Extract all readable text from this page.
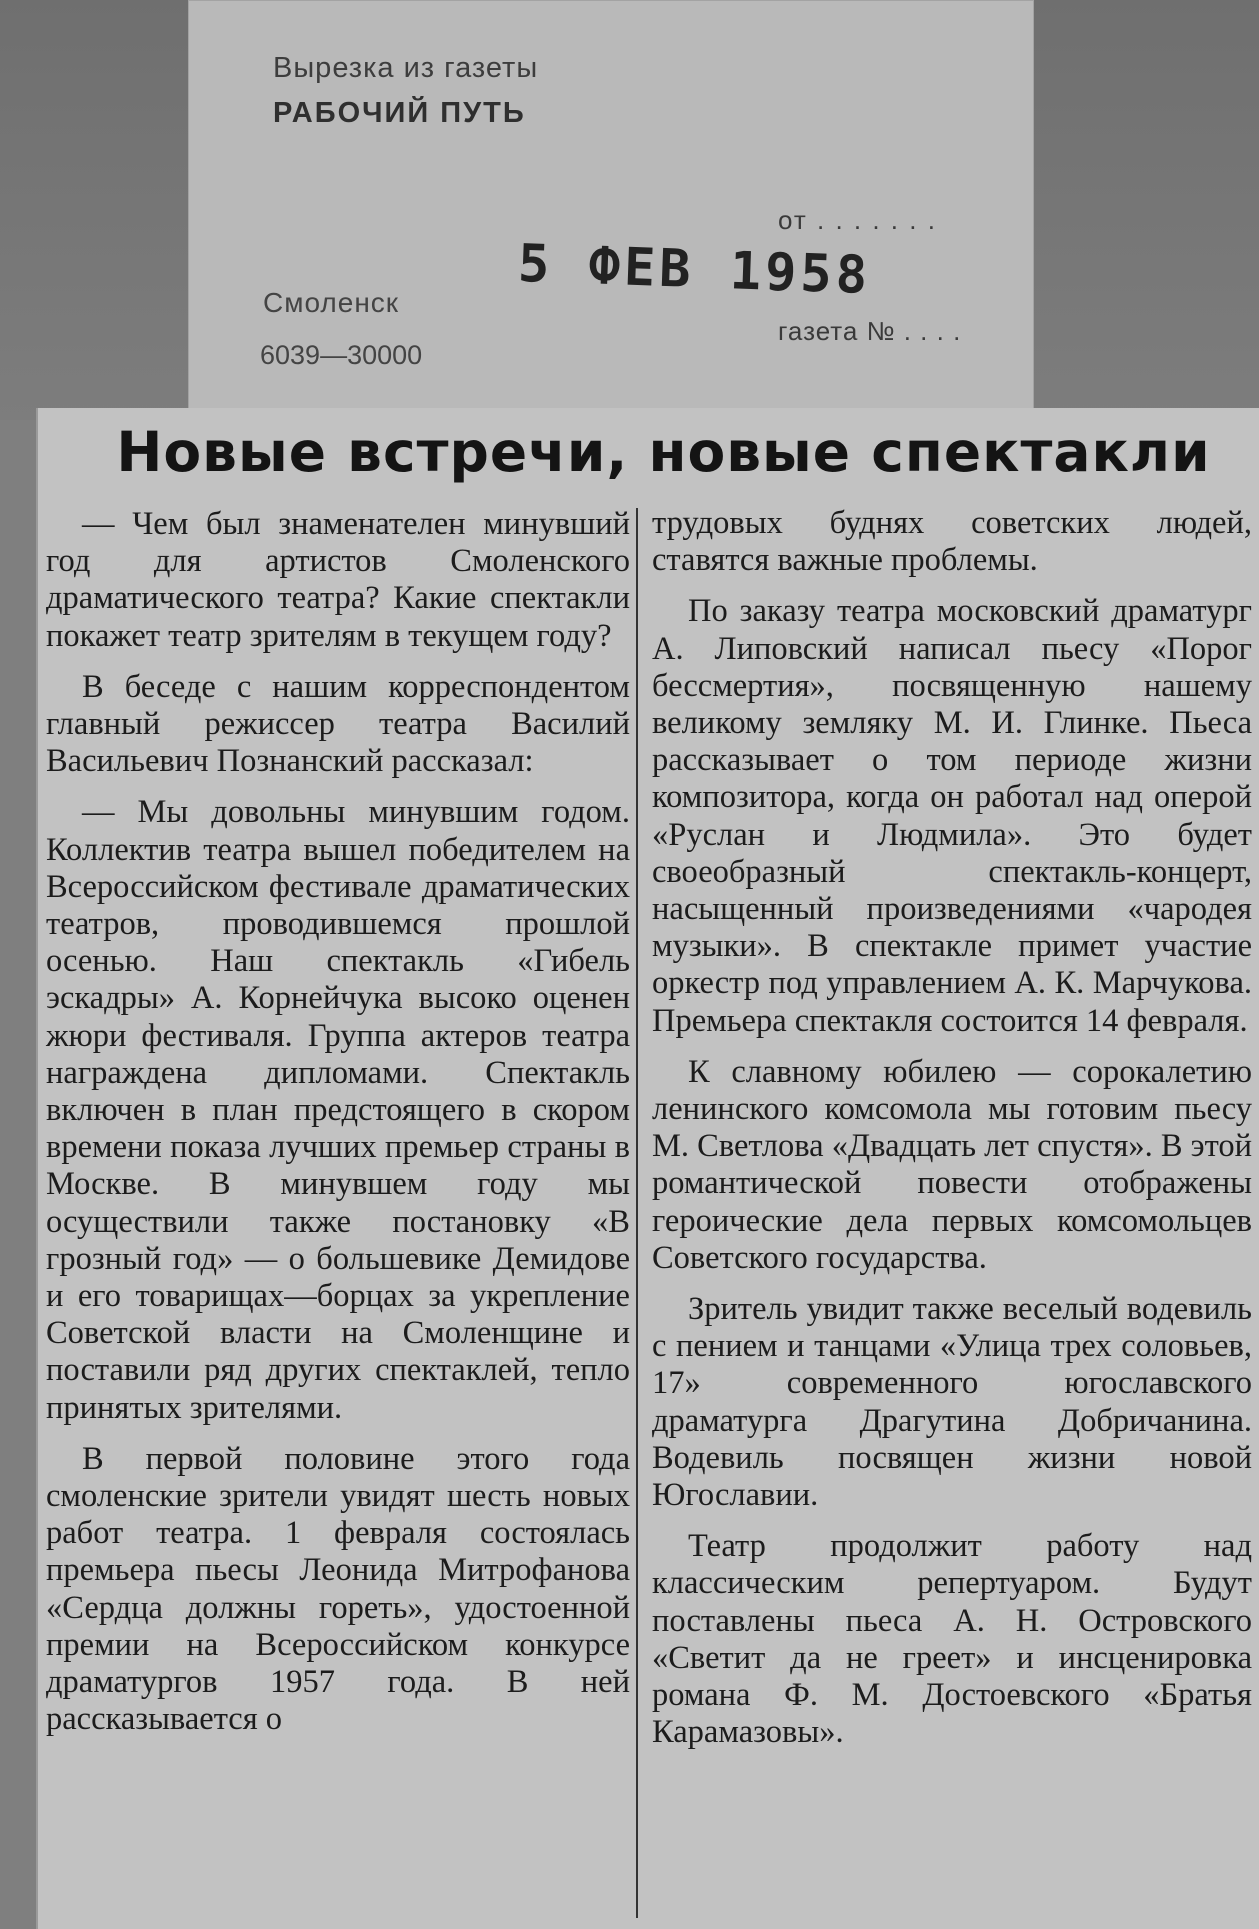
Вырезка из газеты
РАБОЧИЙ ПУТЬ
от . . . . . . .
5 ФЕВ 1958
Смоленск
6039—30000
газета № . . . .
Новые встречи, новые спектакли

— Чем был знаменателен минувший год для артистов Смоленского драматического театра? Какие спектакли покажет театр зрителям в текущем году?

В беседе с нашим корреспондентом главный режиссер театра Василий Васильевич Познанский рассказал:

— Мы довольны минувшим годом. Коллектив театра вышел победителем на Всероссийском фестивале драматических театров, проводившемся прошлой осенью. Наш спектакль «Гибель эскадры» А. Корнейчука высоко оценен жюри фестиваля. Группа актеров театра награждена дипломами. Спектакль включен в план предстоящего в скором времени показа лучших премьер страны в Москве. В минувшем году мы осуществили также постановку «В грозный год» — о большевике Демидове и его товарищах—борцах за укрепление Советской власти на Смоленщине и поставили ряд других спектаклей, тепло принятых зрителями.

В первой половине этого года смоленские зрители увидят шесть новых работ театра. 1 февраля состоялась премьера пьесы Леонида Митрофанова «Сердца должны гореть», удостоенной премии на Всероссийском конкурсе драматургов 1957 года. В ней рассказывается о

трудовых буднях советских людей, ставятся важные проблемы.

По заказу театра московский драматург А. Липовский написал пьесу «Порог бессмертия», посвященную нашему великому земляку М. И. Глинке. Пьеса рассказывает о том периоде жизни композитора, когда он работал над оперой «Руслан и Людмила». Это будет своеобразный спектакль-концерт, насыщенный произведениями «чародея музыки». В спектакле примет участие оркестр под управлением А. К. Марчукова. Премьера спектакля состоится 14 февраля.

К славному юбилею — сорокалетию ленинского комсомола мы готовим пьесу М. Светлова «Двадцать лет спустя». В этой романтической повести отображены героические дела первых комсомольцев Советского государства.

Зритель увидит также веселый водевиль с пением и танцами «Улица трех соловьев, 17» современного югославского драматурга Драгутина Добричанина. Водевиль посвящен жизни новой Югославии.

Театр продолжит работу над классическим репертуаром. Будут поставлены пьеса А. Н. Островского «Светит да не греет» и инсценировка романа Ф. М. Достоевского «Братья Карамазовы».
